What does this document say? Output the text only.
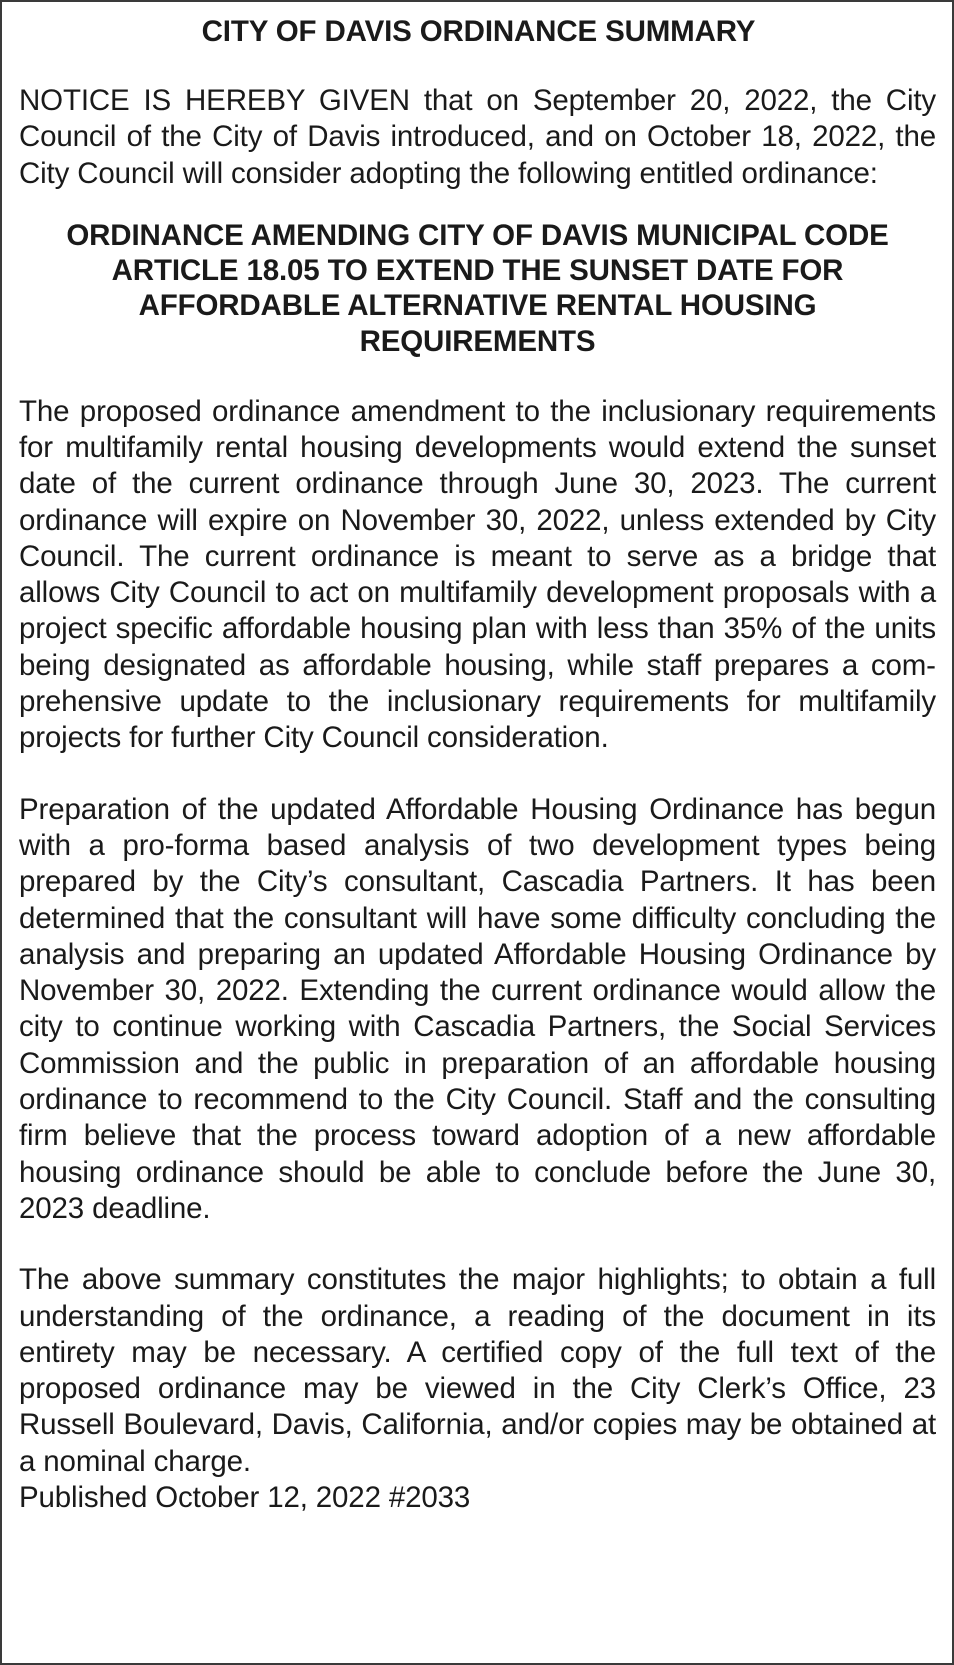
CITY OF DAVIS ORDINANCE SUMMARY

NOTICE IS HEREBY GIVEN that on September 20, 2022, the City Council of the City of Davis introduced, and on October 18, 2022, the City Council will consider adopting the following entitled ordinance:

ORDINANCE AMENDING CITY OF DAVIS MUNICIPAL CODE ARTICLE 18.05 TO EXTEND THE SUNSET DATE FOR AFFORDABLE ALTERNATIVE RENTAL HOUSING REQUIREMENTS

The proposed ordinance amendment to the inclusionary requirements for multifamily rental housing developments would extend the sunset date of the current ordinance through June 30, 2023. The current ordinance will expire on November 30, 2022, unless extended by City Council. The current ordinance is meant to serve as a bridge that allows City Council to act on multifamily development proposals with a project specific affordable housing plan with less than 35% of the units being designated as affordable housing, while staff prepares a comprehensive update to the inclusionary requirements for multifamily projects for further City Council consideration.

Preparation of the updated Affordable Housing Ordinance has begun with a pro-forma based analysis of two development types being prepared by the City’s consultant, Cascadia Partners. It has been determined that the consultant will have some difficulty concluding the analysis and preparing an updated Affordable Housing Ordinance by November 30, 2022. Extending the current ordinance would allow the city to continue working with Cascadia Partners, the Social Services Commission and the public in preparation of an affordable housing ordinance to recommend to the City Council. Staff and the consulting firm believe that the process toward adoption of a new affordable housing ordinance should be able to conclude before the June 30, 2023 deadline.

The above summary constitutes the major highlights; to obtain a full understanding of the ordinance, a reading of the document in its entirety may be necessary. A certified copy of the full text of the proposed ordinance may be viewed in the City Clerk’s Office, 23 Russell Boulevard, Davis, California, and/or copies may be obtained at a nominal charge.

Published October 12, 2022 #2033
